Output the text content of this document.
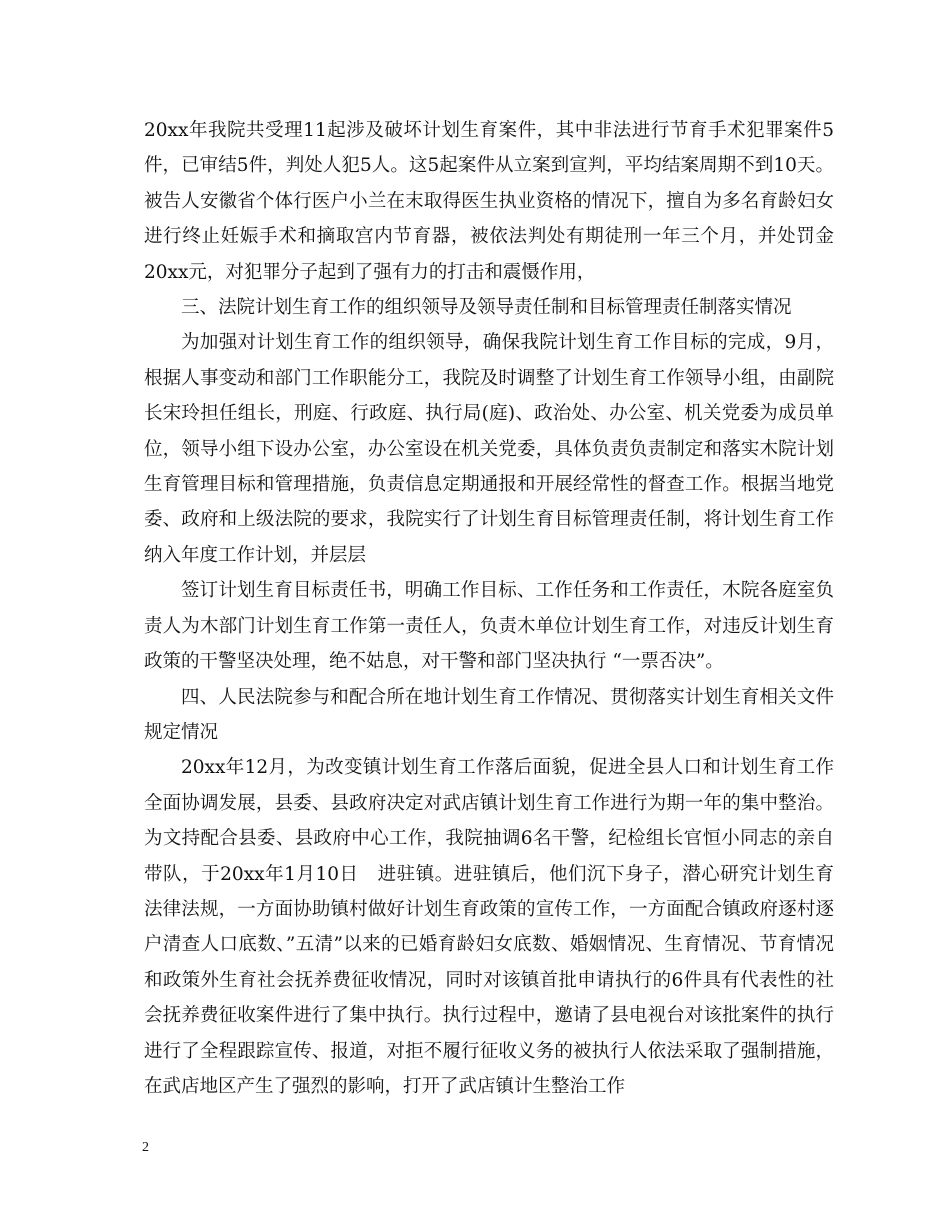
20xx年我院共受理11起涉及破坏计划生育案件，其中非法进行节育手术犯罪案件5件，已审结5件，判处人犯5人。这5起案件从立案到宣判，平均结案周期不到10天。被告人安徽省个体行医户小兰在末取得医生执业资格的情况下，擅自为多名育龄妇女进行终止妊娠手术和摘取宫内节育器，被依法判处有期徒刑一年三个月，并处罚金 20xx元，对犯罪分子起到了强有力的打击和震慑作用，

三、法院计划生育工作的组织领导及领导责任制和目标管理责任制落实情况

为加强对计划生育工作的组织领导，确保我院计划生育工作目标的完成，9月，根据人事变动和部门工作职能分工，我院及时调整了计划生育工作领导小组，由副院长宋玲担任组长，刑庭、行政庭、执行局(庭)、政治处、办公室、机关党委为成员单位，领导小组下设办公室，办公室设在机关党委，具体负责负责制定和落实木院计划生育管理目标和管理措施，负责信息定期通报和开展经常性的督查工作。根据当地党委、政府和上级法院的要求，我院实行了计划生育目标管理责任制，将计划生育工作纳入年度工作计划，并层层

签订计划生育目标责任书，明确工作目标、工作任务和工作责任，木院各庭室负责人为木部门计划生育工作第一责任人，负责木单位计划生育工作，对违反计划生育政策的干警坚决处理，绝不姑息，对干警和部门坚决执行 “一票否决”。

四、人民法院参与和配合所在地计划生育工作情况、贯彻落实计划生育相关文件规定情况

20xx年12月，为改变镇计划生育工作落后面貌，促进全县人口和计划生育工作全面协调发展，县委、县政府决定对武店镇计划生育工作进行为期一年的集中整治。为文持配合县委、县政府中心工作，我院抽调6名干警，纪检组长官恒小同志的亲自带队，于20xx年1月10日　进驻镇。进驻镇后，他们沉下身子，潜心研究计划生育法律法规，一方面协助镇村做好计划生育政策的宣传工作，一方面配合镇政府逐村逐户清查人口底数、”五清”以来的已婚育龄妇女底数、婚姻情况、生育情况、节育情况和政策外生育社会抚养费征收情况，同时对该镇首批申请执行的6件具有代表性的社会抚养费征收案件进行了集中执行。执行过程中，邀请了县电视台对该批案件的执行进行了全程跟踪宣传、报道，对拒不履行征收义务的被执行人依法采取了强制措施，在武店地区产生了强烈的影响，打开了武店镇计生整治工作

2
